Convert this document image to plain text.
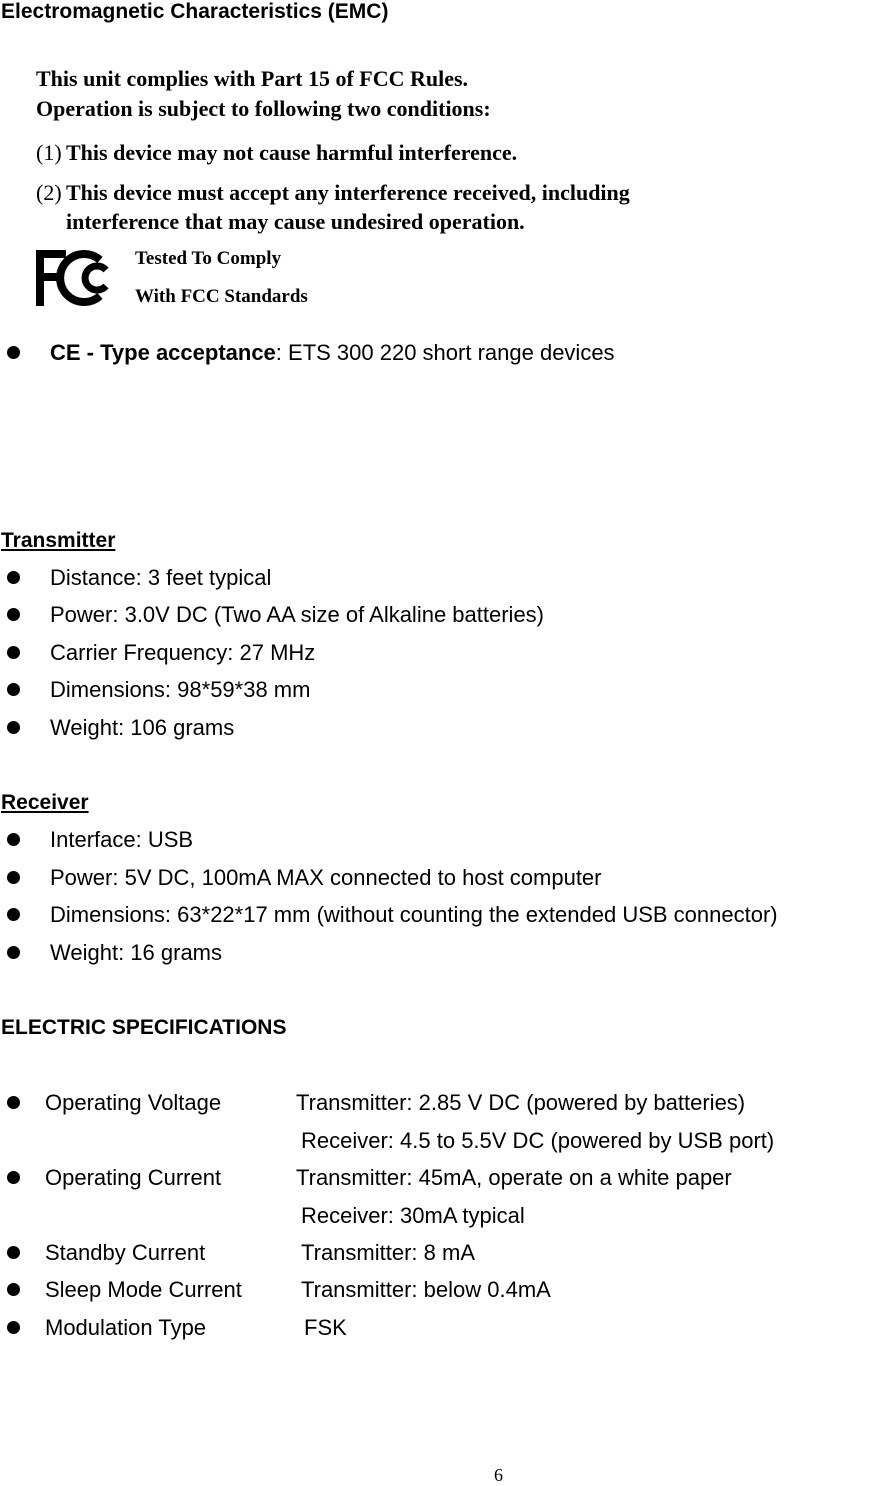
Electromagnetic Characteristics (EMC)
This unit complies with Part 15 of FCC Rules.
Operation is subject to following two conditions:
(1) This device may not cause harmful interference.
(2) This device must accept any interference received, including
interference that may cause undesired operation.
Tested To Comply
With FCC Standards
CE - Type acceptance: ETS 300 220 short range devices
Transmitter
Distance: 3 feet typical
Power: 3.0V DC (Two AA size of Alkaline batteries)
Carrier Frequency: 27 MHz
Dimensions: 98*59*38 mm
Weight: 106 grams
Receiver
Interface: USB
Power: 5V DC, 100mA MAX connected to host computer
Dimensions: 63*22*17 mm (without counting the extended USB connector)
Weight: 16 grams
ELECTRIC SPECIFICATIONS
Operating Voltage	Transmitter: 2.85 V DC (powered by batteries)
Receiver: 4.5 to 5.5V DC (powered by USB port)
Operating Current	Transmitter: 45mA, operate on a white paper
Receiver: 30mA typical
Standby Current	Transmitter: 8 mA
Sleep Mode Current	Transmitter: below 0.4mA
Modulation Type	FSK
6
